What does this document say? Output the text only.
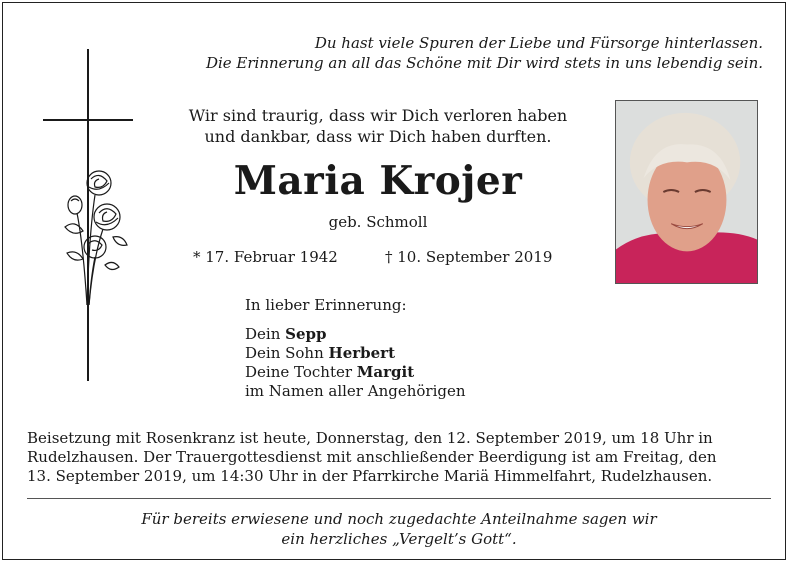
Du hast viele Spuren der Liebe und Fürsorge hinterlassen.
Die Erinnerung an all das Schöne mit Dir wird stets in uns lebendig sein.
Wir sind traurig, dass wir Dich verloren haben
und dankbar, dass wir Dich haben durften.
Maria Krojer
geb. Schmoll
* 17. Februar 1942	† 10. September 2019
In lieber Erinnerung:
Dein Sepp
Dein Sohn Herbert
Deine Tochter Margit
im Namen aller Angehörigen
Beisetzung mit Rosenkranz ist heute, Donnerstag, den 12. September 2019, um 18 Uhr in
Rudelzhausen. Der Trauergottesdienst mit anschließender Beerdigung ist am Freitag, den
13. September 2019, um 14:30 Uhr in der Pfarrkirche Mariä Himmelfahrt, Rudelzhausen.
Für bereits erwiesene und noch zugedachte Anteilnahme sagen wir
ein herzliches „Vergelt’s Gott“.
